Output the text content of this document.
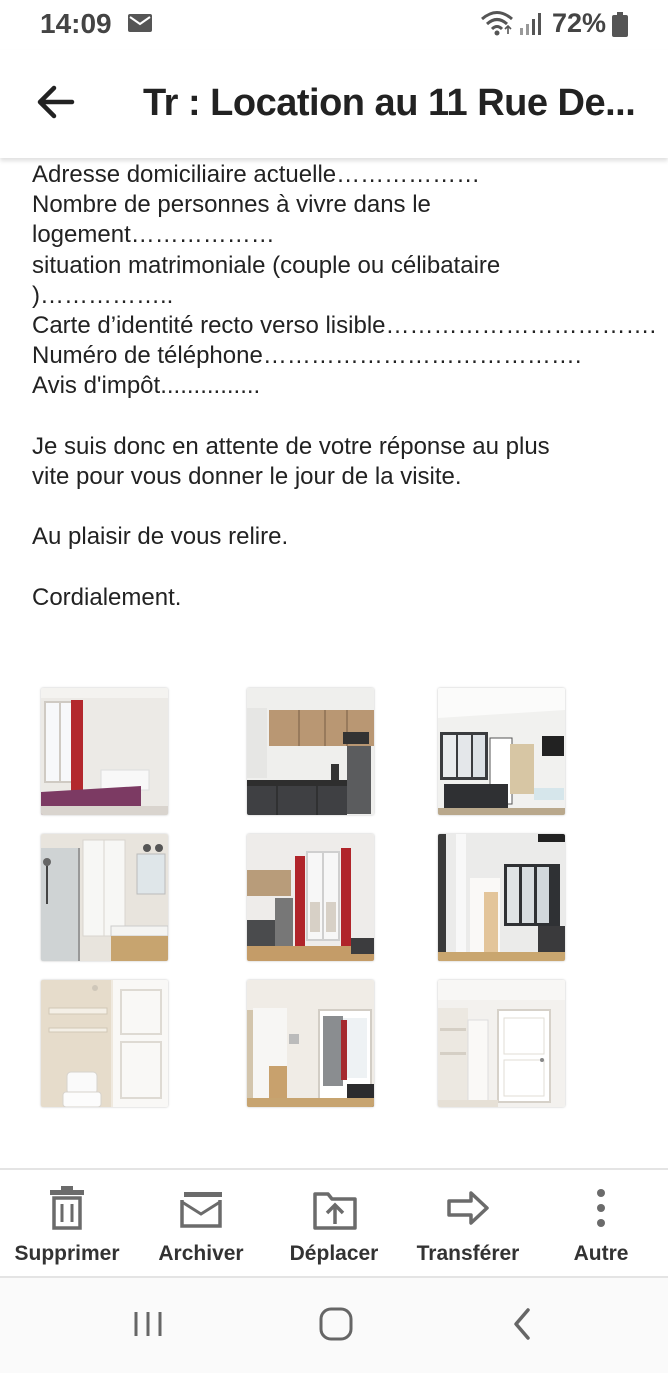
14:09	72%
Tr : Location au 11 Rue De...
Adresse domiciliaire actuelle………………
Nombre de personnes à vivre dans le
logement………………
situation matrimoniale (couple ou célibataire
)……………..
Carte d’identité recto verso lisible…………………………….
Numéro de téléphone………………………………….
Avis d'impôt...............
Je suis donc en attente de votre réponse au plus
vite pour vous donner le jour de la visite.
Au plaisir de vous relire.
Cordialement.
Supprimer	Archiver	Déplacer	Transférer	Autre
